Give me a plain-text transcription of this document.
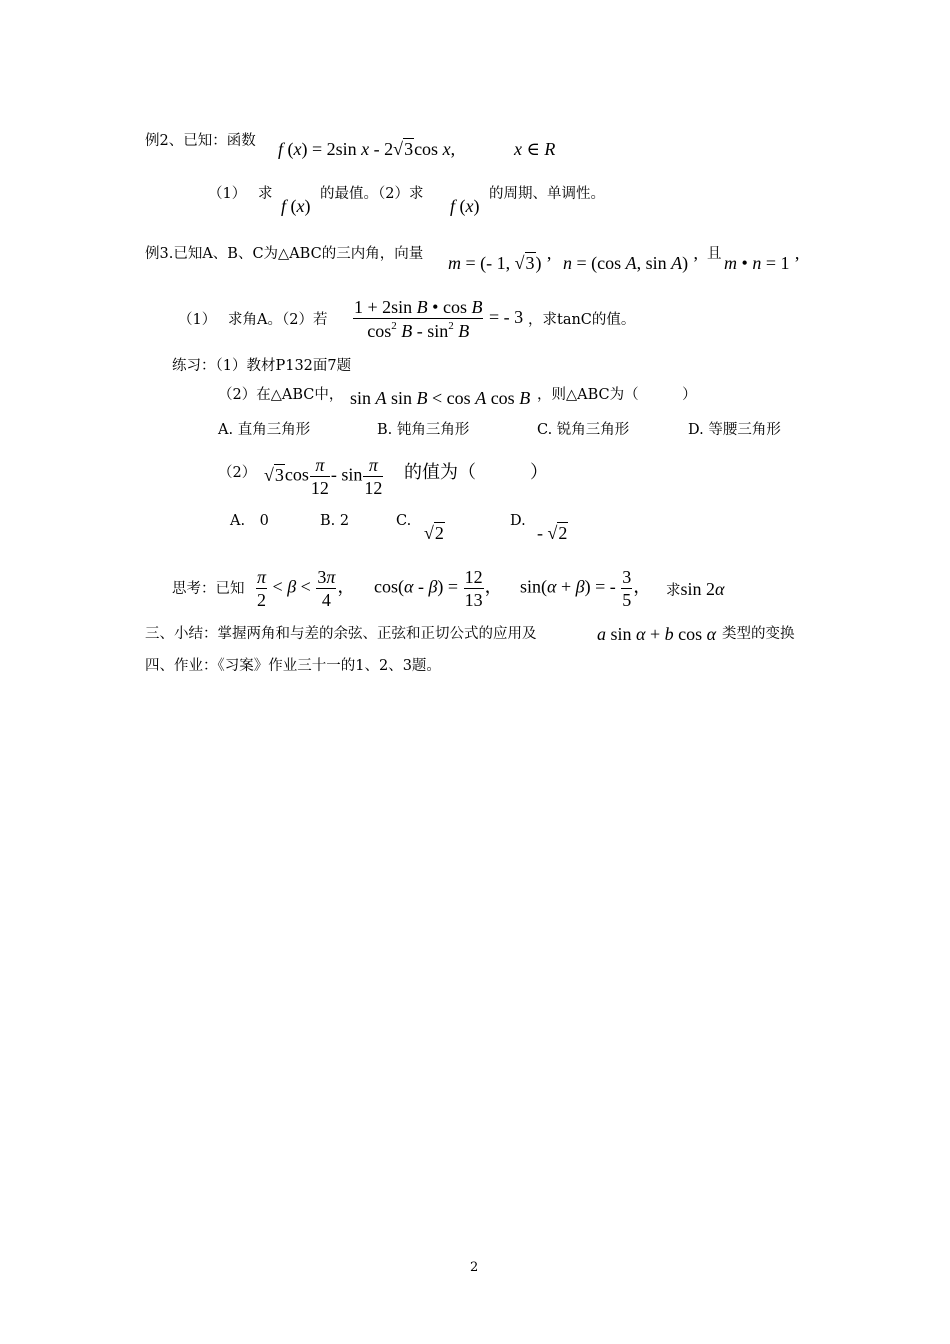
例2、已知：函数 f (x) = 2sin x - 2√3cos x,	x ∈ R
（1） 求
f (x)
的最值。（2）求
f (x)
的周期、单调性。
例3.已知A、B、C为△ABC的三内角，向量 m = (- 1, √3) ’ n = (cos A, sin A) ’ 且 m • n = 1 ’
（1） 求角A。（2）若 $\frac{\text{1 + 2sin B • cos B}}{\cos^2 B - \sin^2 B}$ = - 3 ，求tanC的值。
练习：（1）教材P132面7题
（2）在△ABC中， sin A sin B < cos A cos B ，则△ABC为（　　　）
A. 直角三角形	B. 钝角三角形	C. 锐角三角形	D. 等腰三角形
（2） $√3\cos \frac{\pi}{12}$ - $\sin \frac{\pi}{12}$ 的值为（　　　）
A.　0	B. 2	C.
√2
D.
- √2
思考：已知 $\frac{\pi}{2} < \beta < \frac{3\pi}{4}$ ， $\cos(\alpha - \beta) = \frac{12}{13}$ ， sin(α + β) = - $\frac{3}{5}$ ， 求sin 2α
三、小结：掌握两角和与差的余弦、正弦和正切公式的应用及	a sin α + b cos α 类型的变换
四、作业：《习案》作业三十一的1、2、3题。
2
